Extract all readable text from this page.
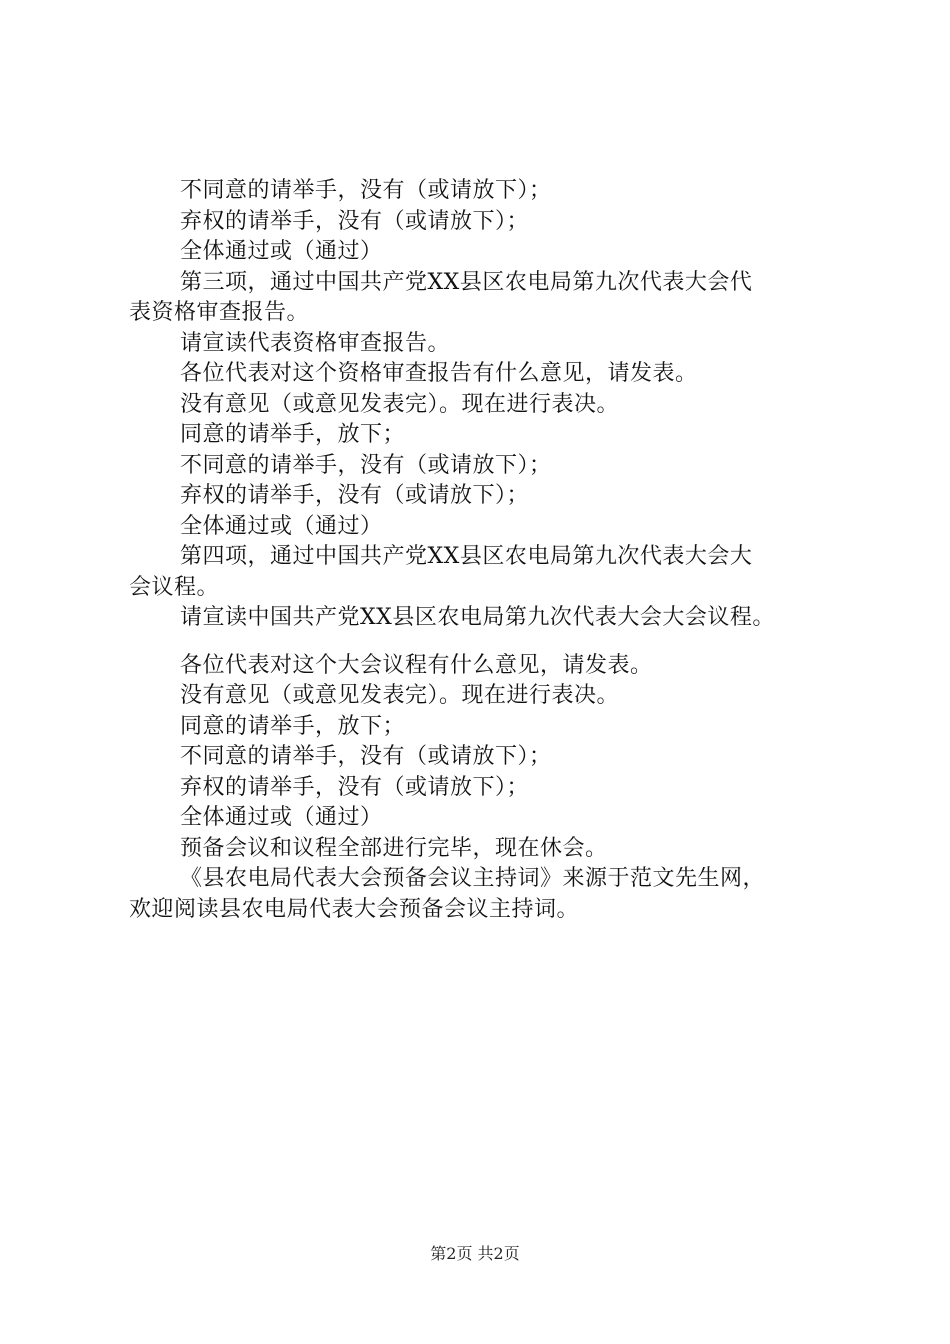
不同意的请举手，没有（或请放下）；
弃权的请举手，没有（或请放下）；
全体通过或（通过）
第三项，通过中国共产党XX县区农电局第九次代表大会代
表资格审查报告。
请宣读代表资格审查报告。
各位代表对这个资格审查报告有什么意见，请发表。
没有意见（或意见发表完）。现在进行表决。
同意的请举手，放下；
不同意的请举手，没有（或请放下）；
弃权的请举手，没有（或请放下）；
全体通过或（通过）
第四项，通过中国共产党XX县区农电局第九次代表大会大
会议程。
请宣读中国共产党XX县区农电局第九次代表大会大会议程。
各位代表对这个大会议程有什么意见，请发表。
没有意见（或意见发表完）。现在进行表决。
同意的请举手，放下；
不同意的请举手，没有（或请放下）；
弃权的请举手，没有（或请放下）；
全体通过或（通过）
预备会议和议程全部进行完毕，现在休会。
《县农电局代表大会预备会议主持词》来源于范文先生网，
欢迎阅读县农电局代表大会预备会议主持词。
第2页 共2页
